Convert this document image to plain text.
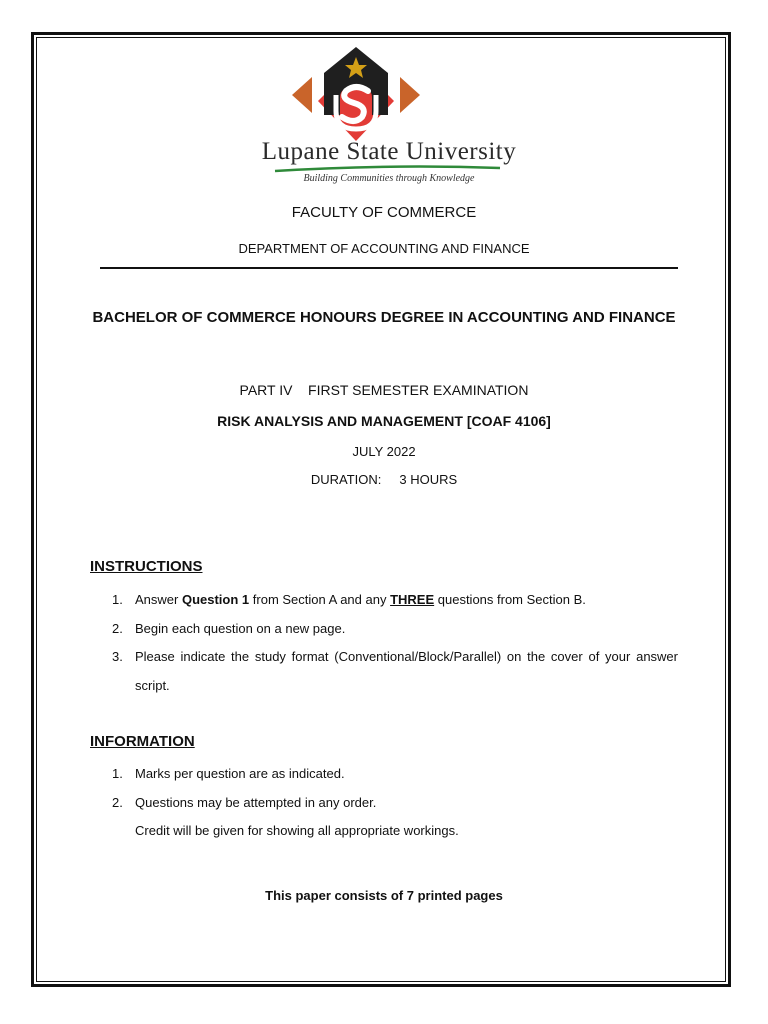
Lupane State University
Building Communities through Knowledge
FACULTY OF COMMERCE
DEPARTMENT OF ACCOUNTING AND FINANCE
BACHELOR OF COMMERCE HONOURS DEGREE IN ACCOUNTING AND FINANCE
PART IV FIRST SEMESTER EXAMINATION
RISK ANALYSIS AND MANAGEMENT [COAF 4106]
JULY 2022
DURATION: 3 HOURS
INSTRUCTIONS
1. Answer Question 1 from Section A and any THREE questions from Section B.
2. Begin each question on a new page.
3. Please indicate the study format (Conventional/Block/Parallel) on the cover of your answer script.
INFORMATION
1. Marks per question are as indicated.
2. Questions may be attempted in any order.
Credit will be given for showing all appropriate workings.
This paper consists of 7 printed pages
